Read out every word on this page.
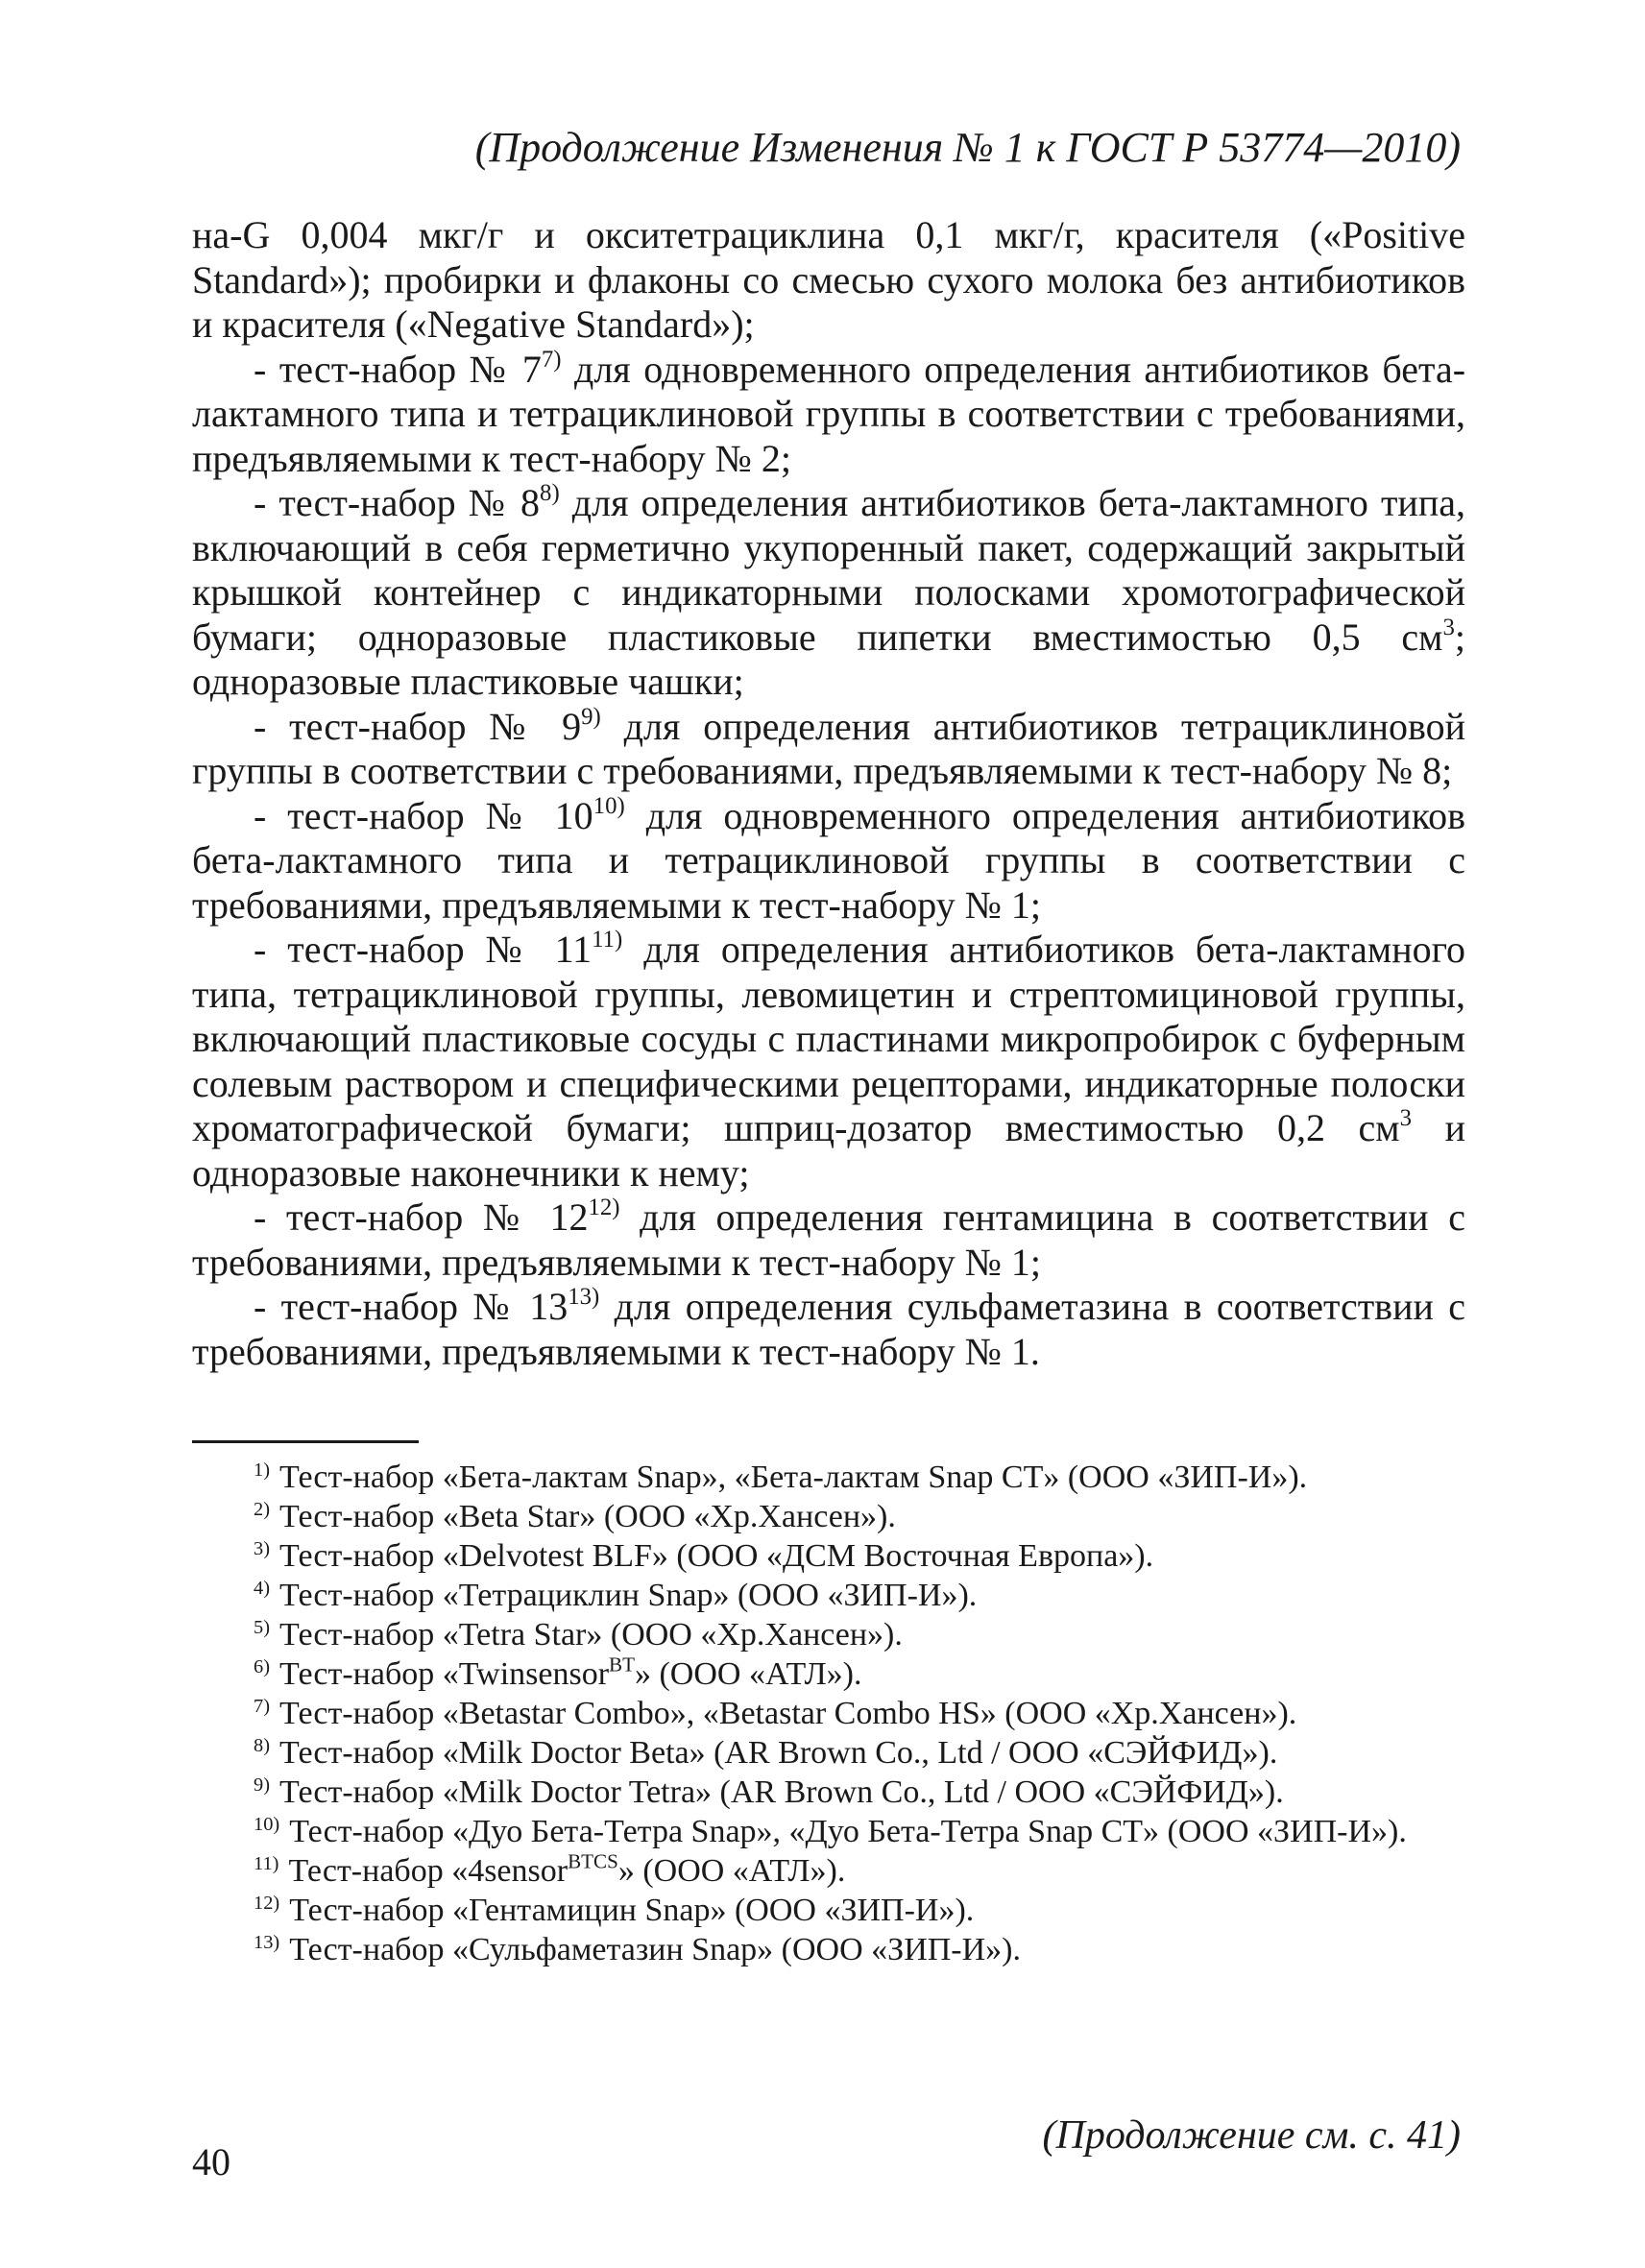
(Продолжение Изменения № 1 к ГОСТ Р 53774—2010)

на-G 0,004 мкг/г и окситетрациклина 0,1 мкг/г, красителя («Positive Standard»); пробирки и флаконы со смесью сухого молока без антибиотиков и красителя («Negative Standard»);

- тест-набор № 7$^{7)}$ для одновременного определения антибиотиков бета-лактамного типа и тетрациклиновой группы в соответствии с требованиями, предъявляемыми к тест-набору № 2;

- тест-набор № 8$^{8)}$ для определения антибиотиков бета-лактамного типа, включающий в себя герметично укупоренный пакет, содержащий закрытый крышкой контейнер с индикаторными полосками хромотографической бумаги; одноразовые пластиковые пипетки вместимостью 0,5 $см^3$; одноразовые пластиковые чашки;

- тест-набор № 9$^{9)}$ для определения антибиотиков тетрациклиновой группы в соответствии с требованиями, предъявляемыми к тест-набору № 8;

- тест-набор № 10$^{10)}$ для одновременного определения антибиотиков бета-лактамного типа и тетрациклиновой группы в соответствии с требованиями, предъявляемыми к тест-набору № 1;

- тест-набор № 11$^{11)}$ для определения антибиотиков бета-лактамного типа, тетрациклиновой группы, левомицетин и стрептомициновой группы, включающий пластиковые сосуды с пластинами микропробирок с буферным солевым раствором и специфическими рецепторами, индикаторные полоски хроматографической бумаги; шприц-дозатор вместимостью 0,2 $см^3$ и одноразовые наконечники к нему;

- тест-набор № 12$^{12)}$ для определения гентамицина в соответствии с требованиями, предъявляемыми к тест-набору № 1;

- тест-набор № 13$^{13)}$ для определения сульфаметазина в соответствии с требованиями, предъявляемыми к тест-набору № 1.

$^{1)}$ Тест-набор «Бета-лактам Snap», «Бета-лактам Snap CT» (ООО «ЗИП-И»).

$^{2)}$ Тест-набор «Beta Star» (ООО «Хр.Хансен»).

$^{3)}$ Тест-набор «Delvotest BLF» (ООО «ДСМ Восточная Европа»).

$^{4)}$ Тест-набор «Тетрациклин Snap» (ООО «ЗИП-И»).

$^{5)}$ Тест-набор «Tetra Star» (ООО «Хр.Хансен»).

$^{6)}$ Тест-набор «Twinsensor$^{BT}$» (ООО «АТЛ»).

$^{7)}$ Тест-набор «Betastar Combo», «Betastar Combo HS» (ООО «Хр.Хансен»).

$^{8)}$ Тест-набор «Milk Doctor Beta» (AR Brown Co., Ltd / ООО «СЭЙФИД»).

$^{9)}$ Тест-набор «Milk Doctor Tetra» (AR Brown Co., Ltd / ООО «СЭЙФИД»).

$^{10)}$ Тест-набор «Дуо Бета-Тетра Snap», «Дуо Бета-Тетра Snap CT» (ООО «ЗИП-И»).

$^{11)}$ Тест-набор «4sensor$^{BTCS}$» (ООО «АТЛ»).

$^{12)}$ Тест-набор «Гентамицин Snap» (ООО «ЗИП-И»).

$^{13)}$ Тест-набор «Сульфаметазин Snap» (ООО «ЗИП-И»).

(Продолжение см. с. 41)
40
